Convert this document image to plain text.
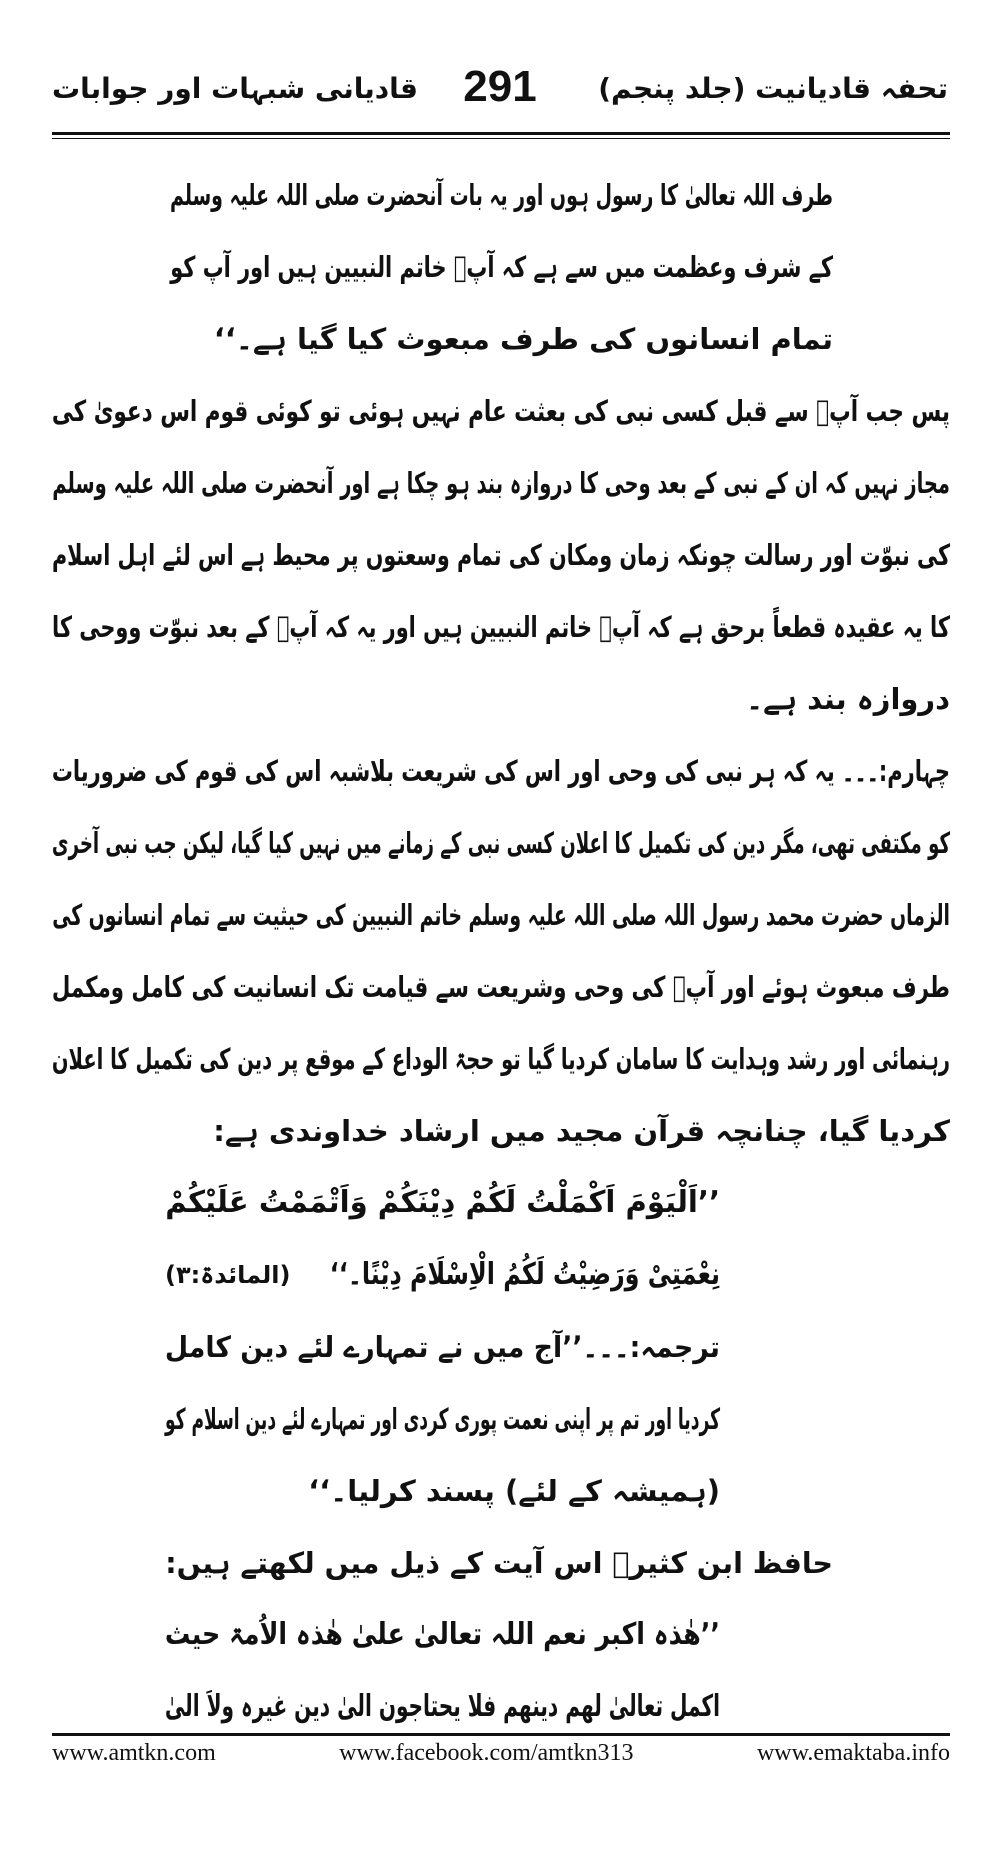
تحفہ قادیانیت (جلد پنجم)
291
قادیانی شبہات اور جوابات
طرف اللہ تعالیٰ کا رسول ہوں اور یہ بات آنحضرت صلی اللہ علیہ وسلم
کے شرف وعظمت میں سے ہے کہ آپؐ خاتم النبیین ہیں اور آپ کو
تمام انسانوں کی طرف مبعوث کیا گیا ہے۔‘‘
پس جب آپؐ سے قبل کسی نبی کی بعثت عام نہیں ہوئی تو کوئی قوم اس دعویٰ کی
مجاز نہیں کہ ان کے نبی کے بعد وحی کا دروازہ بند ہو چکا ہے اور آنحضرت صلی اللہ علیہ وسلم
کی نبوّت اور رسالت چونکہ زمان ومکان کی تمام وسعتوں پر محیط ہے اس لئے اہل اسلام
کا یہ عقیدہ قطعاً برحق ہے کہ آپؐ خاتم النبیین ہیں اور یہ کہ آپؐ کے بعد نبوّت ووحی کا
دروازہ بند ہے۔
چہارم:۔۔۔ یہ کہ ہر نبی کی وحی اور اس کی شریعت بلاشبہ اس کی قوم کی ضروریات
کو مکتفی تھی، مگر دین کی تکمیل کا اعلان کسی نبی کے زمانے میں نہیں کیا گیا، لیکن جب نبی آخری
الزماں حضرت محمد رسول اللہ صلی اللہ علیہ وسلم خاتم النبیین کی حیثیت سے تمام انسانوں کی
طرف مبعوث ہوئے اور آپؐ کی وحی وشریعت سے قیامت تک انسانیت کی کامل ومکمل
رہنمائی اور رشد وہدایت کا سامان کردیا گیا تو حجۃ الوداع کے موقع پر دین کی تکمیل کا اعلان
کردیا گیا، چنانچہ قرآن مجید میں ارشاد خداوندی ہے:
’’اَلْیَوْمَ اَکْمَلْتُ لَکُمْ دِیْنَکُمْ وَاَتْمَمْتُ عَلَیْکُمْ
نِعْمَتِیْ وَرَضِیْتُ لَکُمُ الْاِسْلَامَ دِیْنًا۔‘‘
(المائدۃ:۳)
ترجمہ:۔۔۔’’آج میں نے تمہارے لئے دین کامل
کردیا اور تم پر اپنی نعمت پوری کردی اور تمہارے لئے دین اسلام کو
(ہمیشہ کے لئے) پسند کرلیا۔‘‘
حافظ ابن کثیرؒ اس آیت کے ذیل میں لکھتے ہیں:
’’ھٰذہ اکبر نعم اللہ تعالیٰ علیٰ ھٰذہ الاُمۃ حیث
اکمل تعالیٰ لھم دینھم فلا یحتاجون الیٰ دین غیرہ ولاَ الیٰ
www.amtkn.com	www.facebook.com/amtkn313	www.emaktaba.info
